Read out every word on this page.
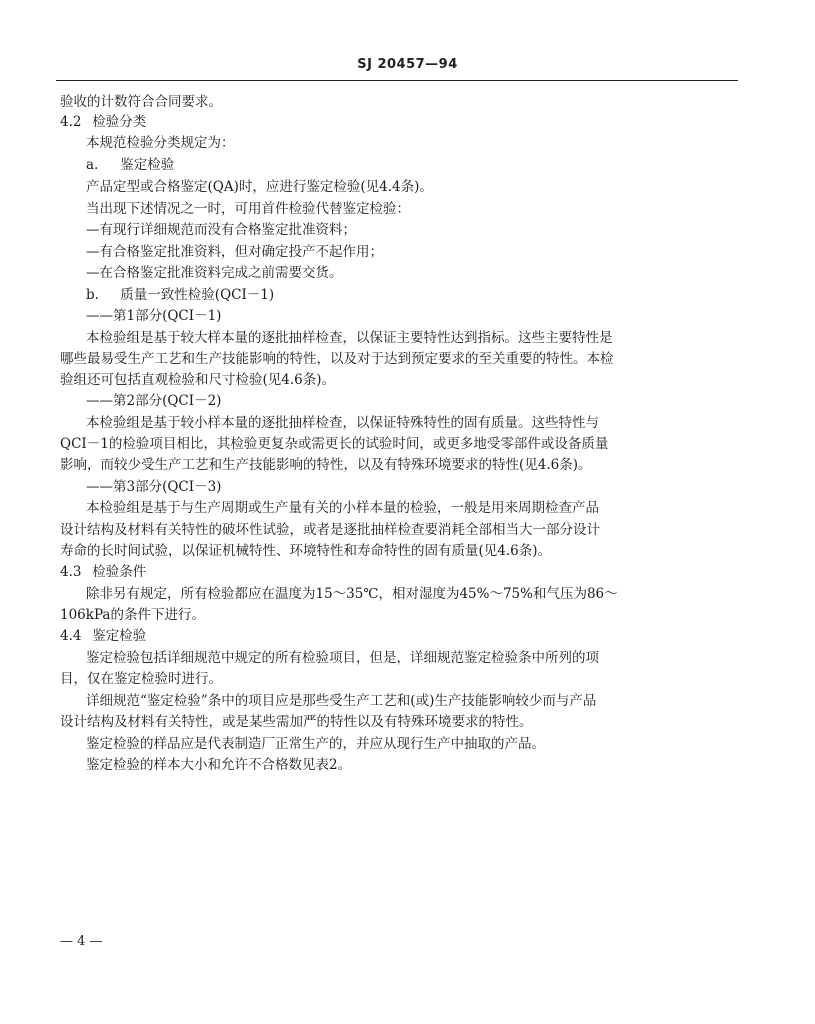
SJ 20457—94
验收的计数符合合同要求。
4.2 检验分类
本规范检验分类规定为：
a. 鉴定检验
产品定型或合格鉴定(QA)时，应进行鉴定检验(见4.4条)。
当出现下述情况之一时，可用首件检验代替鉴定检验：
—有现行详细规范而没有合格鉴定批准资料；
—有合格鉴定批准资料，但对确定投产不起作用；
—在合格鉴定批准资料完成之前需要交货。
b. 质量一致性检验(QCI－1)
——第1部分(QCI－1)
本检验组是基于较大样本量的逐批抽样检查，以保证主要特性达到指标。这些主要特性是
哪些最易受生产工艺和生产技能影响的特性，以及对于达到预定要求的至关重要的特性。本检
验组还可包括直观检验和尺寸检验(见4.6条)。
——第2部分(QCI－2)
本检验组是基于较小样本量的逐批抽样检查，以保证特殊特性的固有质量。这些特性与
QCI－1的检验项目相比，其检验更复杂或需更长的试验时间，或更多地受零部件或设备质量
影响，而较少受生产工艺和生产技能影响的特性，以及有特殊环境要求的特性(见4.6条)。
——第3部分(QCI－3)
本检验组是基于与生产周期或生产量有关的小样本量的检验，一般是用来周期检查产品
设计结构及材料有关特性的破坏性试验，或者是逐批抽样检查要消耗全部相当大一部分设计
寿命的长时间试验，以保证机械特性、环境特性和寿命特性的固有质量(见4.6条)。
4.3 检验条件
除非另有规定，所有检验都应在温度为15～35℃，相对湿度为45%～75%和气压为86～
106kPa的条件下进行。
4.4 鉴定检验
鉴定检验包括详细规范中规定的所有检验项目，但是，详细规范鉴定检验条中所列的项
目，仅在鉴定检验时进行。
详细规范“鉴定检验”条中的项目应是那些受生产工艺和(或)生产技能影响较少而与产品
设计结构及材料有关特性，或是某些需加严的特性以及有特殊环境要求的特性。
鉴定检验的样品应是代表制造厂正常生产的，并应从现行生产中抽取的产品。
鉴定检验的样本大小和允许不合格数见表2。
— 4 —
